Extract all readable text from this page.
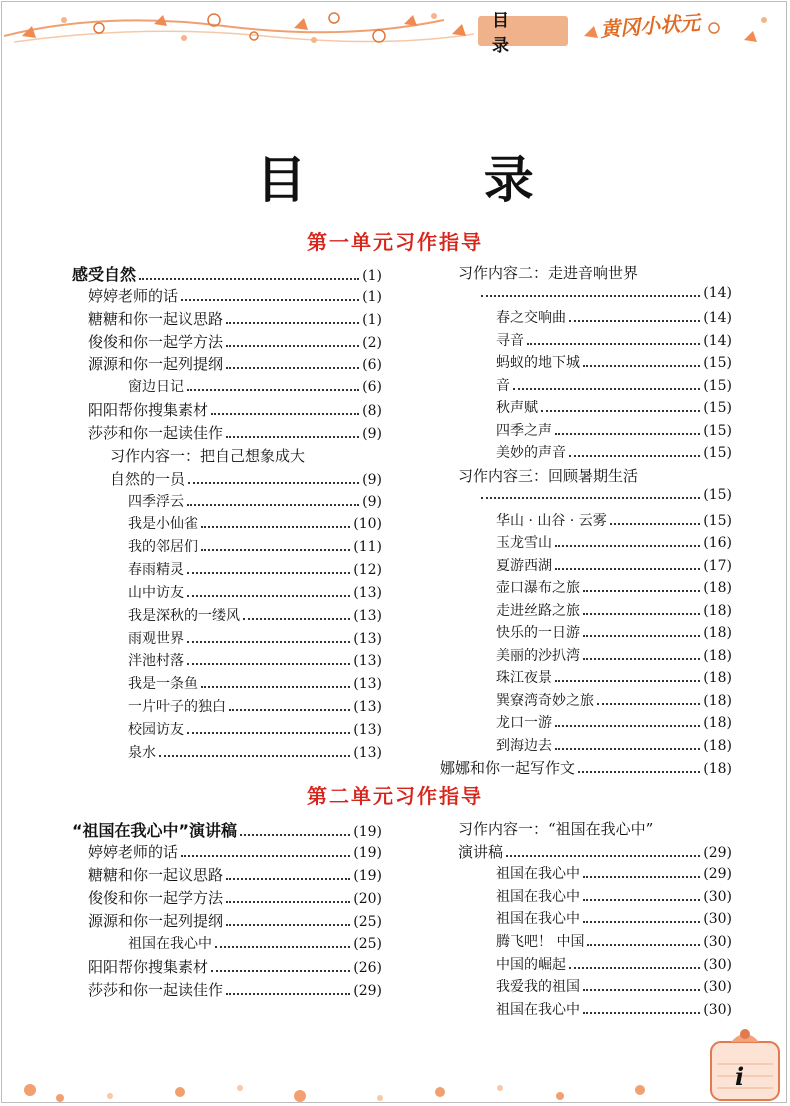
目 录
黄冈小状元
目 录
第一单元习作指导
第二单元习作指导
感受自然	(1)
婷婷老师的话	(1)
糖糖和你一起议思路	(1)
俊俊和你一起学方法	(2)
源源和你一起列提纲	(6)
窗边日记	(6)
阳阳帮你搜集素材	(8)
莎莎和你一起读佳作	(9)
习作内容一：把自己想象成大
自然的一员	(9)
四季浮云	(9)
我是小仙雀	(10)
我的邻居们	(11)
春雨精灵	(12)
山中访友	(13)
我是深秋的一缕风	(13)
雨观世界	(13)
泮池村落	(13)
我是一条鱼	(13)
一片叶子的独白	(13)
校园访友	(13)
泉水	(13)
习作内容二：走进音响世界
(14)
春之交响曲	(14)
寻音	(14)
蚂蚁的地下城	(15)
音	(15)
秋声赋	(15)
四季之声	(15)
美妙的声音	(15)
习作内容三：回顾暑期生活
(15)
华山 · 山谷 · 云雾	(15)
玉龙雪山	(16)
夏游西湖	(17)
壶口瀑布之旅	(18)
走进丝路之旅	(18)
快乐的一日游	(18)
美丽的沙扒湾	(18)
珠江夜景	(18)
巽寮湾奇妙之旅	(18)
龙口一游	(18)
到海边去	(18)
娜娜和你一起写作文	(18)
“祖国在我心中”演讲稿	(19)
婷婷老师的话	(19)
糖糖和你一起议思路	(19)
俊俊和你一起学方法	(20)
源源和你一起列提纲	(25)
祖国在我心中	(25)
阳阳帮你搜集素材	(26)
莎莎和你一起读佳作	(29)
习作内容一：“祖国在我心中”
演讲稿	(29)
祖国在我心中	(29)
祖国在我心中	(30)
祖国在我心中	(30)
腾飞吧！ 中国	(30)
中国的崛起	(30)
我爱我的祖国	(30)
祖国在我心中	(30)
i
